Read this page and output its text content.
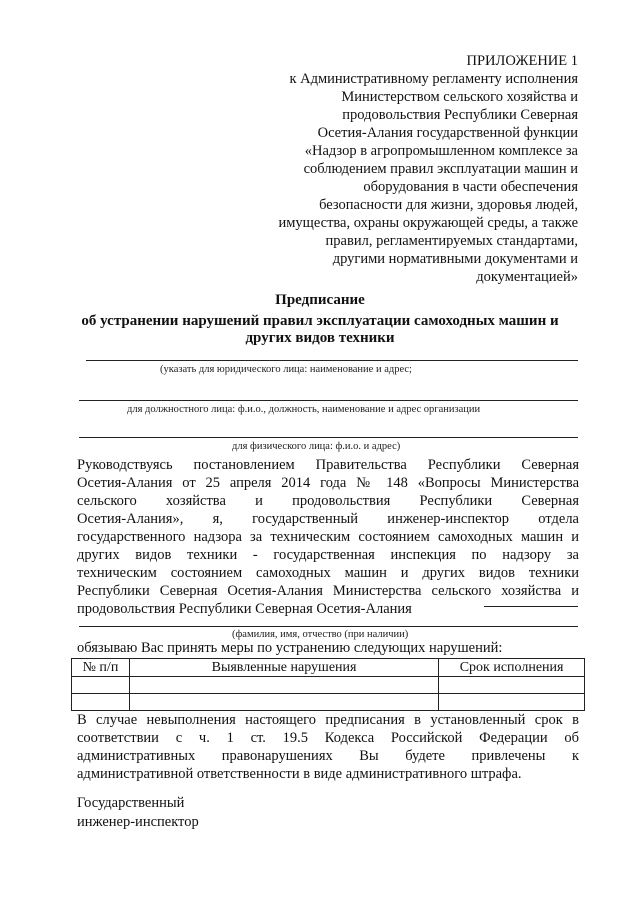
ПРИЛОЖЕНИЕ 1
к Административному регламенту исполнения
Министерством сельского хозяйства и
продовольствия Республики Северная
Осетия-Алания государственной функции
«Надзор в агропромышленном комплексе за
соблюдением правил эксплуатации машин и
оборудования в части обеспечения
безопасности для жизни, здоровья людей,
имущества, охраны окружающей среды, а также
правил, регламентируемых стандартами,
другими нормативными документами и
документацией»
Предписание
об устранении нарушений правил эксплуатации самоходных машин и
других видов техники
(указать для юридического лица: наименование и адрес;
для должностного лица: ф.и.о., должность, наименование и адрес организации
для физического лица: ф.и.о. и адрес)
Руководствуясь постановлением Правительства Республики Северная
Осетия-Алания от 25 апреля 2014 года № 148 «Вопросы Министерства
сельского хозяйства и продовольствия Республики Северная
Осетия-Алания», я, государственный инженер-инспектор отдела
государственного надзора за техническим состоянием самоходных машин и
других видов техники - государственная инспекция по надзору за
техническим состоянием самоходных машин и других видов техники
Республики Северная Осетия-Алания Министерства сельского хозяйства и
продовольствия Республики Северная Осетия-Алания
(фамилия, имя, отчество (при наличии)
обязываю Вас принять меры по устранению следующих нарушений:
№ п/п	Выявленные нарушения	Срок исполнения

В случае невыполнения настоящего предписания в установленный срок в
соответствии с ч. 1 ст. 19.5 Кодекса Российской Федерации об
административных правонарушениях Вы будете привлечены к
административной ответственности в виде административного штрафа.
Государственный
инженер-инспектор
